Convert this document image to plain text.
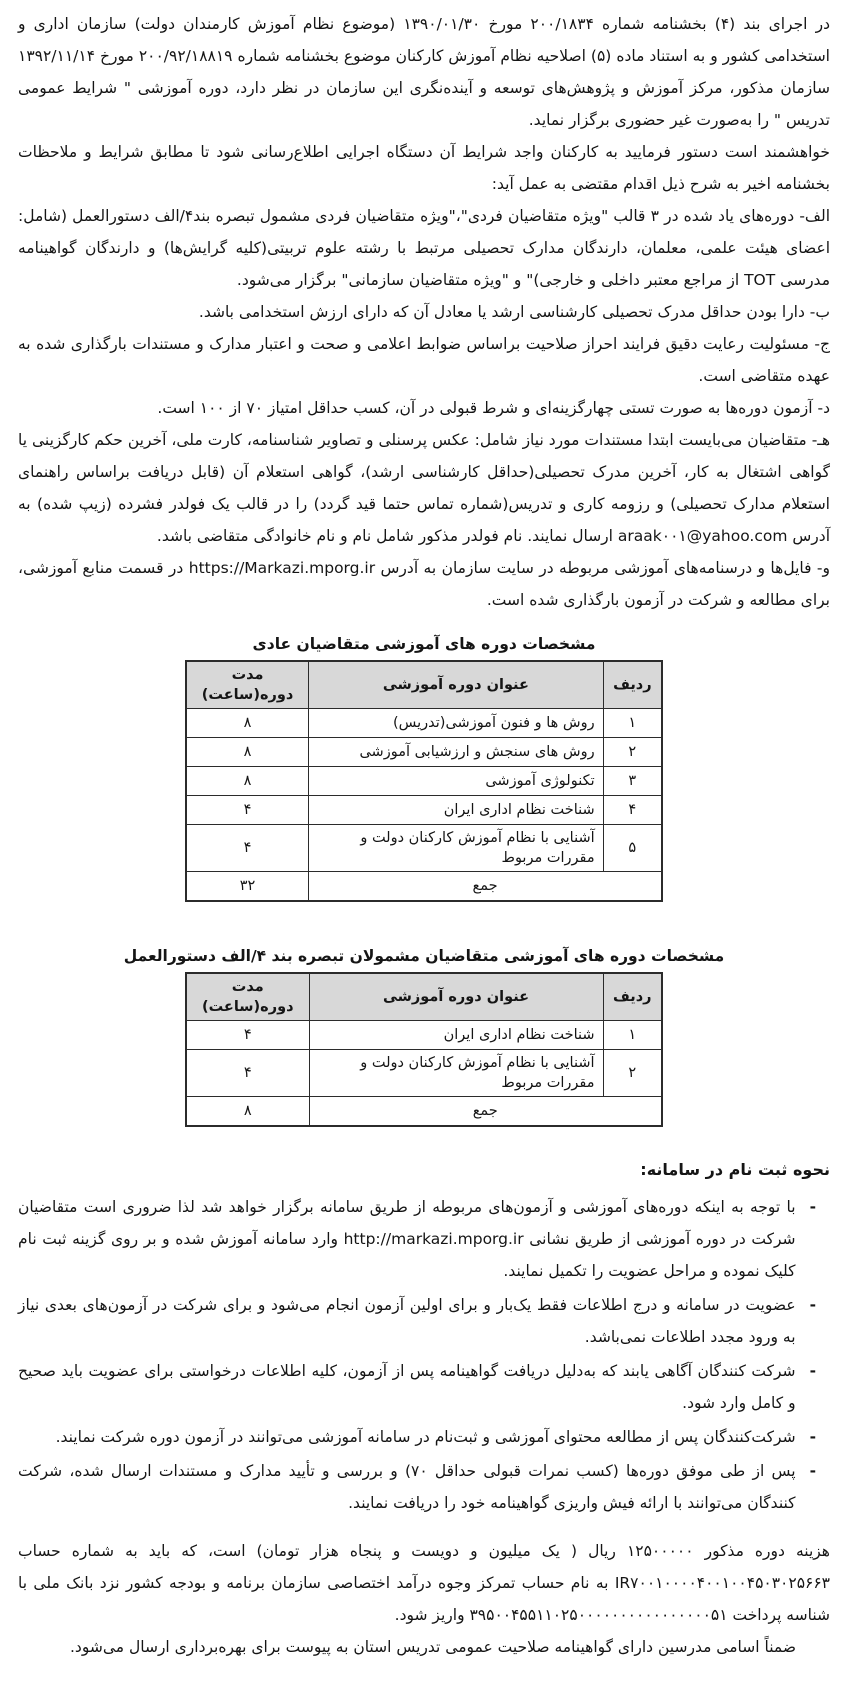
در اجرای بند (۴) بخشنامه شماره ۲۰۰/۱۸۳۴ مورخ ۱۳۹۰/۰۱/۳۰ (موضوع نظام آموزش کارمندان دولت) سازمان اداری و استخدامی کشور و به استناد ماده (۵) اصلاحیه نظام آموزش کارکنان موضوع بخشنامه شماره ۲۰۰/۹۲/۱۸۸۱۹ مورخ ۱۳۹۲/۱۱/۱۴ سازمان مذکور، مرکز آموزش و پژوهش‌های توسعه و آینده‌نگری این سازمان در نظر دارد، دوره آموزشی " شرایط عمومی تدریس " را به‌صورت غیر حضوری برگزار نماید.

خواهشمند است دستور فرمایید به کارکنان واجد شرایط آن دستگاه اجرایی اطلاع‌رسانی شود تا مطابق شرایط و ملاحظات بخشنامه اخیر به شرح ذیل اقدام مقتضی به عمل آید:

الف- دوره‌های یاد شده در ۳ قالب "ویژه متقاضیان فردی"،"ویژه متقاضیان فردی مشمول تبصره بند۴/الف دستورالعمل (شامل: اعضای هیئت علمی، معلمان، دارندگان مدارک تحصیلی مرتبط با رشته علوم تربیتی(کلیه گرایش‌ها) و دارندگان گواهینامه مدرسی TOT از مراجع معتبر داخلی و خارجی)" و "ویژه متقاضیان سازمانی" برگزار می‌شود.

ب- دارا بودن حداقل مدرک تحصیلی کارشناسی ارشد یا معادل آن که دارای ارزش استخدامی باشد.

ج- مسئولیت رعایت دقیق فرایند احراز صلاحیت براساس ضوابط اعلامی و صحت و اعتبار مدارک و مستندات بارگذاری شده به عهده متقاضی است.

د- آزمون دوره‌ها به صورت تستی چهارگزینه‌ای و شرط قبولی در آن، کسب حداقل امتیاز ۷۰ از ۱۰۰ است.

هـ- متقاضیان می‌بایست ابتدا مستندات مورد نیاز شامل: عکس پرسنلی و تصاویر شناسنامه، کارت ملی، آخرین حکم کارگزینی یا گواهی اشتغال به کار، آخرین مدرک تحصیلی(حداقل کارشناسی ارشد)، گواهی استعلام آن (قابل دریافت براساس راهنمای استعلام مدارک تحصیلی) و رزومه کاری و تدریس(شماره تماس حتما قید گردد) را در قالب یک فولدر فشرده (زیپ شده) به آدرس araak۰۰۱@yahoo.com ارسال نمایند. نام فولدر مذکور شامل نام و نام خانوادگی متقاضی باشد.

و- فایل‌ها و درسنامه‌های آموزشی مربوطه در سایت سازمان به آدرس https://Markazi.mporg.ir در قسمت منابع آموزشی، برای مطالعه و شرکت در آزمون بارگذاری شده است.

مشخصات دوره های آموزشی متقاضیان عادی

ردیف	عنوان دوره آموزشی	مدت دوره(ساعت)
۱	روش ها و فنون آموزشی(تدریس)	۸
۲	روش های سنجش و ارزشیابی آموزشی	۸
۳	تکنولوژی آموزشی	۸
۴	شناخت نظام اداری ایران	۴
۵	آشنایی با نظام آموزش کارکنان دولت و مقررات مربوط	۴
جمع		۳۲

مشخصات دوره های آموزشی متقاضیان مشمولان تبصره بند ۴/الف دستورالعمل

ردیف	عنوان دوره آموزشی	مدت دوره(ساعت)
۱	شناخت نظام اداری ایران	۴
۲	آشنایی با نظام آموزش کارکنان دولت و مقررات مربوط	۴
جمع		۸

نحوه ثبت نام در سامانه:

-

با توجه به اینکه دوره‌های آموزشی و آزمون‌های مربوطه از طریق سامانه برگزار خواهد شد لذا ضروری است متقاضیان شرکت در دوره آموزشی از طریق نشانی http://markazi.mporg.ir وارد سامانه آموزش شده و بر روی گزینه ثبت نام کلیک نموده و مراحل عضویت را تکمیل نمایند.

-

عضویت در سامانه و درج اطلاعات فقط یک‌بار و برای اولین آزمون انجام می‌شود و برای شرکت در آزمون‌های بعدی نیاز به ورود مجدد اطلاعات نمی‌باشد.

-

شرکت کنندگان آگاهی یابند که به‌دلیل دریافت گواهینامه پس از آزمون، کلیه اطلاعات درخواستی برای عضویت باید صحیح و کامل وارد شود.

-

شرکت‌کنندگان پس از مطالعه محتوای آموزشی و ثبت‌نام در سامانه آموزشی می‌توانند در آزمون دوره شرکت نمایند.

-

پس از طی موفق دوره‌ها (کسب نمرات قبولی حداقل ۷۰) و بررسی و تأیید مدارک و مستندات ارسال شده، شرکت کنندگان می‌توانند با ارائه فیش واریزی گواهینامه خود را دریافت نمایند.

هزینه دوره مذکور ۱۲۵۰۰۰۰۰ ریال ( یک میلیون و دویست و پنجاه هزار تومان) است، که باید به شماره حساب IR۷۰۰۱۰۰۰۰۴۰۰۱۰۰۴۵۰۳۰۲۵۶۶۳ به نام حساب تمرکز وجوه درآمد اختصاصی سازمان برنامه و بودجه کشور نزد بانک ملی با شناسه پرداخت ۳۹۵۰۰۴۵۵۱۱۰۲۵۰۰۰۰۰۰۰۰۰۰۰۰۰۰۰۰۵۱ واریز شود.

ضمناً اسامی مدرسین دارای گواهینامه صلاحیت عمومی تدریس استان به پیوست برای بهره‌برداری ارسال می‌شود.
